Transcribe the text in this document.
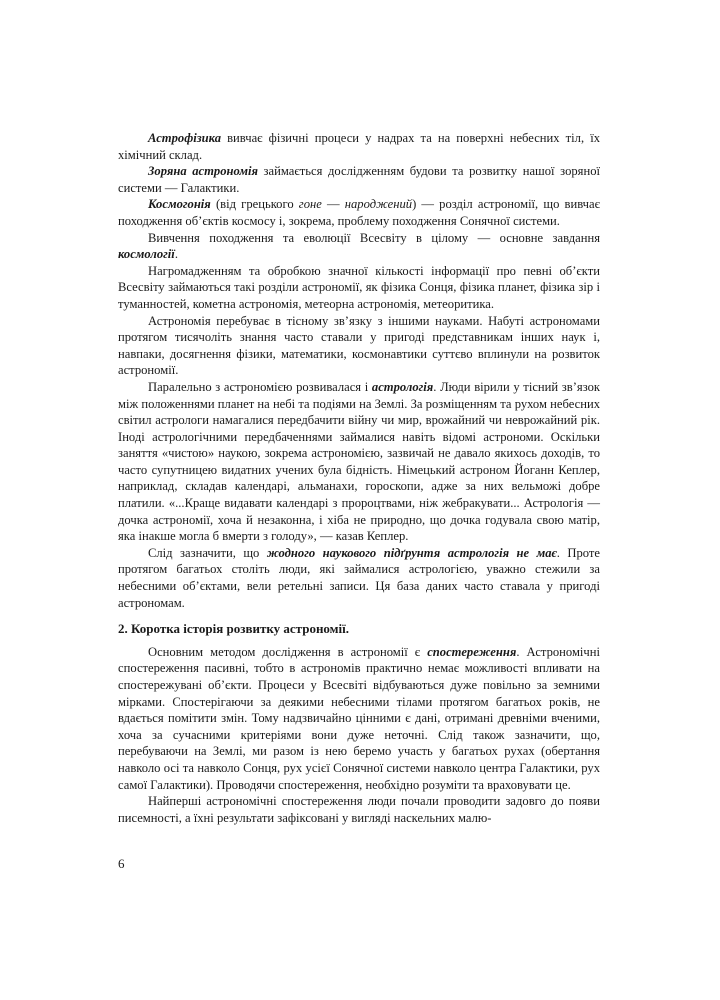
Астрофізика вивчає фізичні процеси у надрах та на поверхні небесних тіл, їх хімічний склад.

Зоряна астрономія займається дослідженням будови та розвитку нашої зоряної системи — Галактики.

Космогонія (від грецького гоне — народжений) — розділ астрономії, що вивчає походження об’єктів космосу і, зокрема, проблему походження Сонячної системи.

Вивчення походження та еволюції Всесвіту в цілому — основне завдання космології.

Нагромадженням та обробкою значної кількості інформації про певні об’єкти Всесвіту займаються такі розділи астрономії, як фізика Сонця, фізика планет, фізика зір і туманностей, кометна астрономія, метеорна астрономія, метеоритика.

Астрономія перебуває в тісному зв’язку з іншими науками. Набуті астрономами протягом тисячоліть знання часто ставали у пригоді представникам інших наук і, навпаки, досягнення фізики, математики, космонавтики суттєво вплинули на розвиток астрономії.

Паралельно з астрономією розвивалася і астрологія. Люди вірили у тісний зв’язок між положеннями планет на небі та подіями на Землі. За розміщенням та рухом небесних світил астрологи намагалися передбачити війну чи мир, врожайний чи неврожайний рік. Іноді астрологічними передбаченнями займалися навіть відомі астрономи. Оскільки заняття «чистою» наукою, зокрема астрономією, зазвичай не давало якихось доходів, то часто супутницею видатних учених була бідність. Німецький астроном Йоганн Кеплер, наприклад, складав календарі, альманахи, гороскопи, адже за них вельможі добре платили. «...Краще видавати календарі з пророцтвами, ніж жебракувати... Астрологія — дочка астрономії, хоча й незаконна, і хіба не природно, що дочка годувала свою матір, яка інакше могла б вмерти з голоду», — казав Кеплер.

Слід зазначити, що жодного наукового підґрунтя астрологія не має. Проте протягом багатьох століть люди, які займалися астрологією, уважно стежили за небесними об’єктами, вели ретельні записи. Ця база даних часто ставала у пригоді астрономам.

2. Коротка історія розвитку астрономії.

Основним методом дослідження в астрономії є спостереження. Астрономічні спостереження пасивні, тобто в астрономів практично немає можливості впливати на спостережувані об’єкти. Процеси у Всесвіті відбуваються дуже повільно за земними мірками. Спостерігаючи за деякими небесними тілами протягом багатьох років, не вдається помітити змін. Тому надзвичайно цінними є дані, отримані древніми вченими, хоча за сучасними критеріями вони дуже неточні. Слід також зазначити, що, перебуваючи на Землі, ми разом із нею беремо участь у багатьох рухах (обертання навколо осі та навколо Сонця, рух усієї Сонячної системи навколо центра Галактики, рух самої Галактики). Проводячи спостереження, необхідно розуміти та враховувати це.

Найперші астрономічні спостереження люди почали проводити задовго до появи писемності, а їхні результати зафіксовані у вигляді наскельних малю-

6
